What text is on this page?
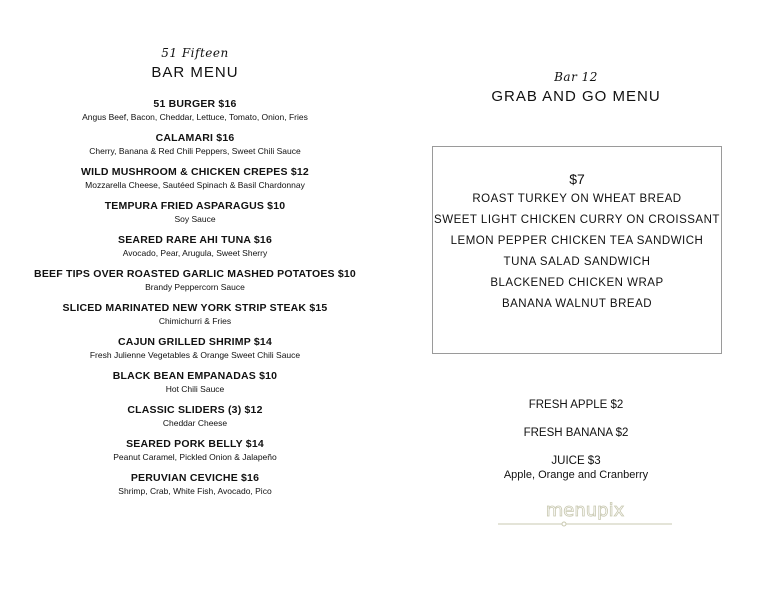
51 Fifteen
BAR MENU
51 BURGER $16
Angus Beef, Bacon, Cheddar, Lettuce, Tomato, Onion, Fries
CALAMARI $16
Cherry, Banana & Red Chili Peppers, Sweet Chili Sauce
WILD MUSHROOM & CHICKEN CREPES $12
Mozzarella Cheese, Sautéed Spinach & Basil Chardonnay
TEMPURA FRIED ASPARAGUS $10
Soy Sauce
SEARED RARE AHI TUNA $16
Avocado, Pear, Arugula, Sweet Sherry
BEEF TIPS OVER ROASTED GARLIC MASHED POTATOES $10
Brandy Peppercorn Sauce
SLICED MARINATED NEW YORK STRIP STEAK $15
Chimichurri & Fries
CAJUN GRILLED SHRIMP $14
Fresh Julienne Vegetables & Orange Sweet Chili Sauce
BLACK BEAN EMPANADAS $10
Hot Chili Sauce
CLASSIC SLIDERS (3) $12
Cheddar Cheese
SEARED PORK BELLY $14
Peanut Caramel, Pickled Onion & Jalapeño
PERUVIAN CEVICHE $16
Shrimp, Crab, White Fish, Avocado, Pico
Bar 12
GRAB AND GO MENU
$7
ROAST TURKEY ON WHEAT BREAD
SWEET LIGHT CHICKEN CURRY ON CROISSANT
LEMON PEPPER CHICKEN TEA SANDWICH
TUNA SALAD SANDWICH
BLACKENED CHICKEN WRAP
BANANA WALNUT BREAD
FRESH APPLE $2
FRESH BANANA $2
JUICE $3
Apple, Orange and Cranberry
menupix
